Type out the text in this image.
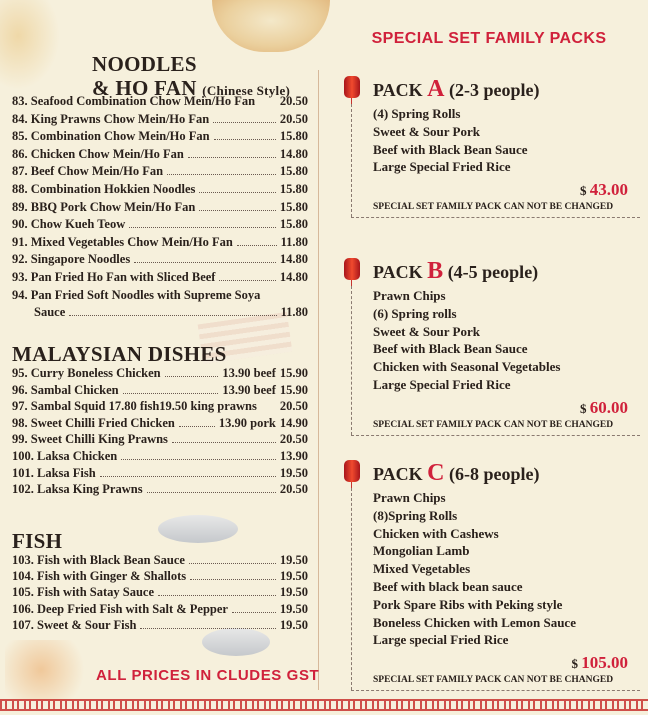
NOODLES
& HO FAN (Chinese Style)
83. Seafood Combination Chow Mein/Ho Fan 20.50
84. King Prawns Chow Mein/Ho Fan	20.50
85. Combination Chow Mein/Ho Fan	15.80
86. Chicken Chow Mein/Ho Fan	14.80
87. Beef Chow Mein/Ho Fan	15.80
88. Combination Hokkien Noodles	15.80
89. BBQ Pork Chow Mein/Ho Fan	15.80
90. Chow Kueh Teow	15.80
91. Mixed Vegetables Chow Mein/Ho Fan	11.80
92. Singapore Noodles	14.80
93. Pan Fried Ho Fan with Sliced Beef	14.80
94. Pan Fried Soft Noodles with Supreme Soya
Sauce	11.80
MALAYSIAN DISHES
95. Curry Boneless Chicken	13.90 beef 15.90
96. Sambal Chicken	13.90 beef 15.90
97. Sambal Squid 17.80 fish19.50 king prawns 20.50
98. Sweet Chilli Fried Chicken	13.90 pork 14.90
99. Sweet Chilli King Prawns	20.50
100. Laksa Chicken	13.90
101. Laksa Fish	19.50
102. Laksa King Prawns	20.50
FISH
103. Fish with Black Bean Sauce	19.50
104. Fish with Ginger & Shallots	19.50
105. Fish with Satay Sauce	19.50
106. Deep Fried Fish with Salt & Pepper	19.50
107. Sweet & Sour Fish	19.50
ALL PRICES IN CLUDES GST
SPECIAL SET FAMILY PACKS
PACK A (2-3 people)
(4) Spring Rolls
Sweet & Sour Pork
Beef with Black Bean Sauce
Large Special Fried Rice
$ 43.00
SPECIAL SET FAMILY PACK CAN NOT BE CHANGED
PACK B (4-5 people)
Prawn Chips
(6) Spring rolls
Sweet & Sour Pork
Beef with Black Bean Sauce
Chicken with Seasonal Vegetables
Large Special Fried Rice
$ 60.00
SPECIAL SET FAMILY PACK CAN NOT BE CHANGED
PACK C (6-8 people)
Prawn Chips
(8)Spring Rolls
Chicken with Cashews
Mongolian Lamb
Mixed Vegetables
Beef with black bean sauce
Pork Spare Ribs with Peking style
Boneless Chicken with Lemon Sauce
Large special Fried Rice
$ 105.00
SPECIAL SET FAMILY PACK CAN NOT BE CHANGED
